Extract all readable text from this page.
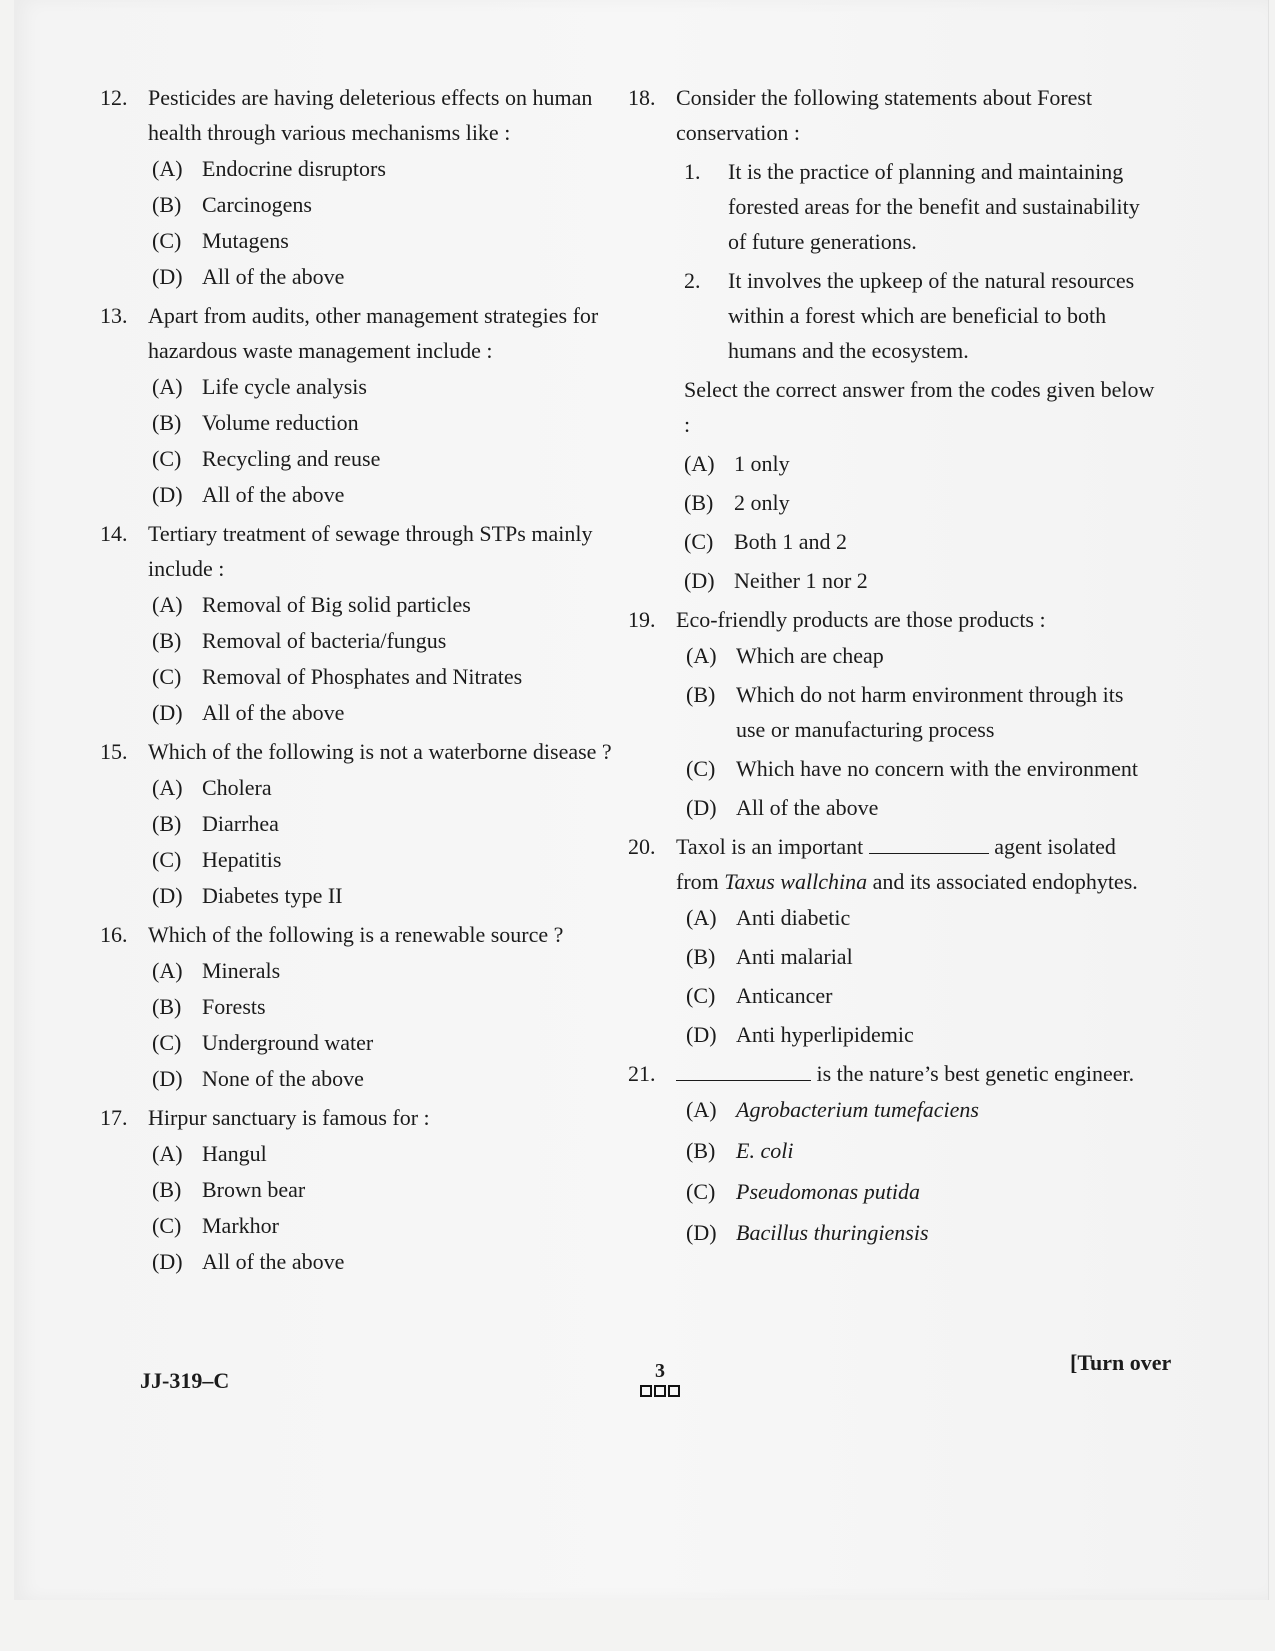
12. Pesticides are having deleterious effects on human health through various mechanisms like :
(A) Endocrine disruptors
(B) Carcinogens
(C) Mutagens
(D) All of the above
13. Apart from audits, other management strategies for hazardous waste management include :
(A) Life cycle analysis
(B) Volume reduction
(C) Recycling and reuse
(D) All of the above
14. Tertiary treatment of sewage through STPs mainly include :
(A) Removal of Big solid particles
(B) Removal of bacteria/fungus
(C) Removal of Phosphates and Nitrates
(D) All of the above
15. Which of the following is not a waterborne disease ?
(A) Cholera
(B) Diarrhea
(C) Hepatitis
(D) Diabetes type II
16. Which of the following is a renewable source ?
(A) Minerals
(B) Forests
(C) Underground water
(D) None of the above
17. Hirpur sanctuary is famous for :
(A) Hangul
(B) Brown bear
(C) Markhor
(D) All of the above
18. Consider the following statements about Forest conservation :
1.	It is the practice of planning and maintaining forested areas for the benefit and sustainability of future generations.
2.	It involves the upkeep of the natural resources within a forest which are beneficial to both humans and the ecosystem.
Select the correct answer from the codes given below :
(A) 1 only
(B) 2 only
(C) Both 1 and 2
(D) Neither 1 nor 2
19. Eco-friendly products are those products :
(A) Which are cheap
(B) Which do not harm environment through its use or manufacturing process
(C) Which have no concern with the environment
(D) All of the above
20. Taxol is an important	agent isolated from Taxus wallchina and its associated endophytes.
(A) Anti diabetic
(B) Anti malarial
(C) Anticancer
(D) Anti hyperlipidemic
21.	is the nature’s best genetic engineer.
(A) Agrobacterium tumefaciens
(B) E. coli
(C) Pseudomonas putida
(D) Bacillus thuringiensis
JJ-319–C	3	[Turn over
